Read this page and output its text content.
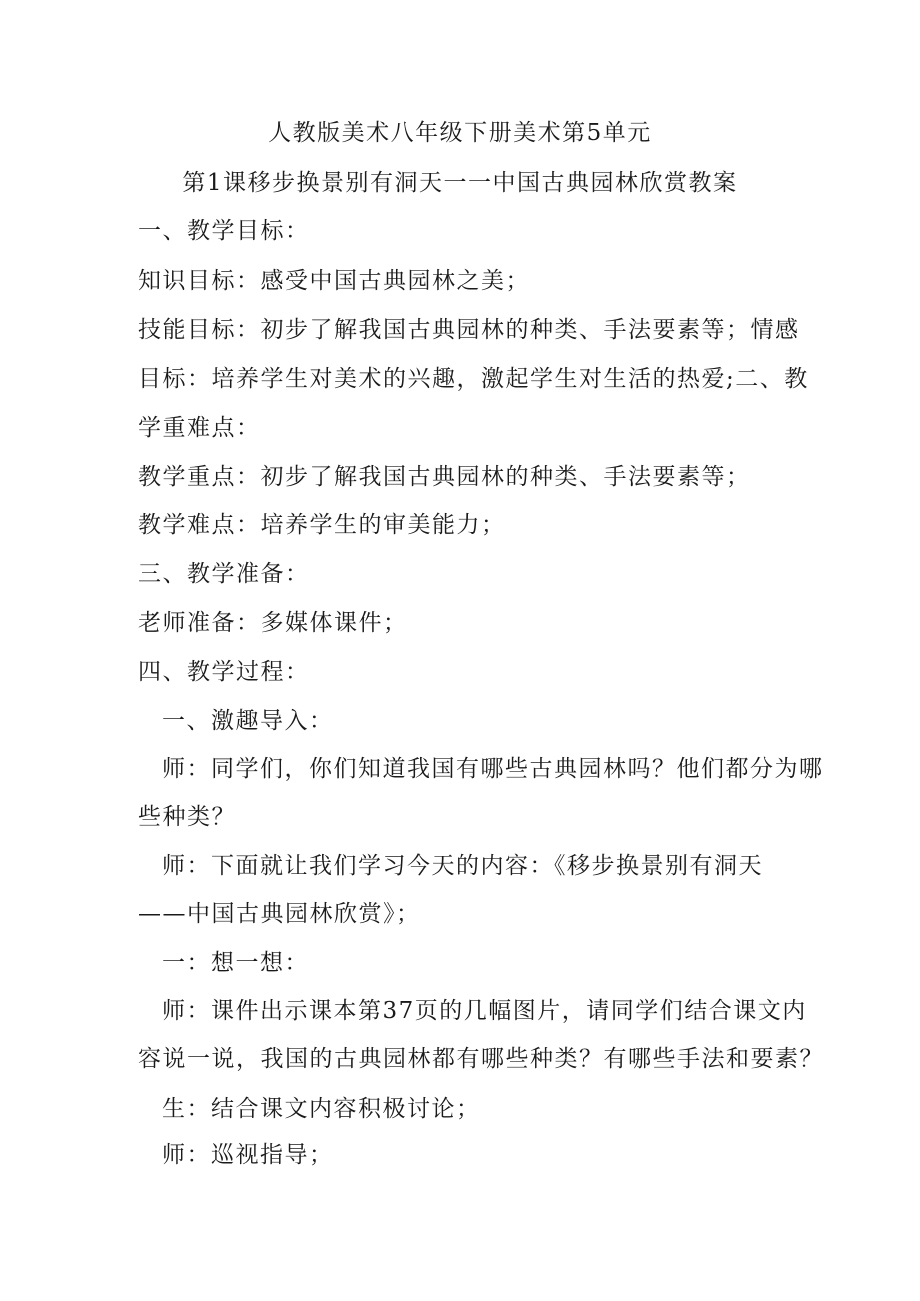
人教版美术八年级下册美术第5单元
第1课移步换景别有洞天一一中国古典园林欣赏教案
一、教学目标：
知识目标：感受中国古典园林之美；
技能目标：初步了解我国古典园林的种类、手法要素等；情感
目标：培养学生对美术的兴趣，激起学生对生活的热爱;二、教
学重难点：
教学重点：初步了解我国古典园林的种类、手法要素等；
教学难点：培养学生的审美能力；
三、教学准备：
老师准备：多媒体课件；
四、教学过程：
一、激趣导入：
师：同学们，你们知道我国有哪些古典园林吗？他们都分为哪
些种类？
师：下面就让我们学习今天的内容：《移步换景别有洞天
——中国古典园林欣赏》；
一：想一想：
师：课件出示课本第37页的几幅图片，请同学们结合课文内
容说一说，我国的古典园林都有哪些种类？有哪些手法和要素？
生：结合课文内容积极讨论；
师：巡视指导；
